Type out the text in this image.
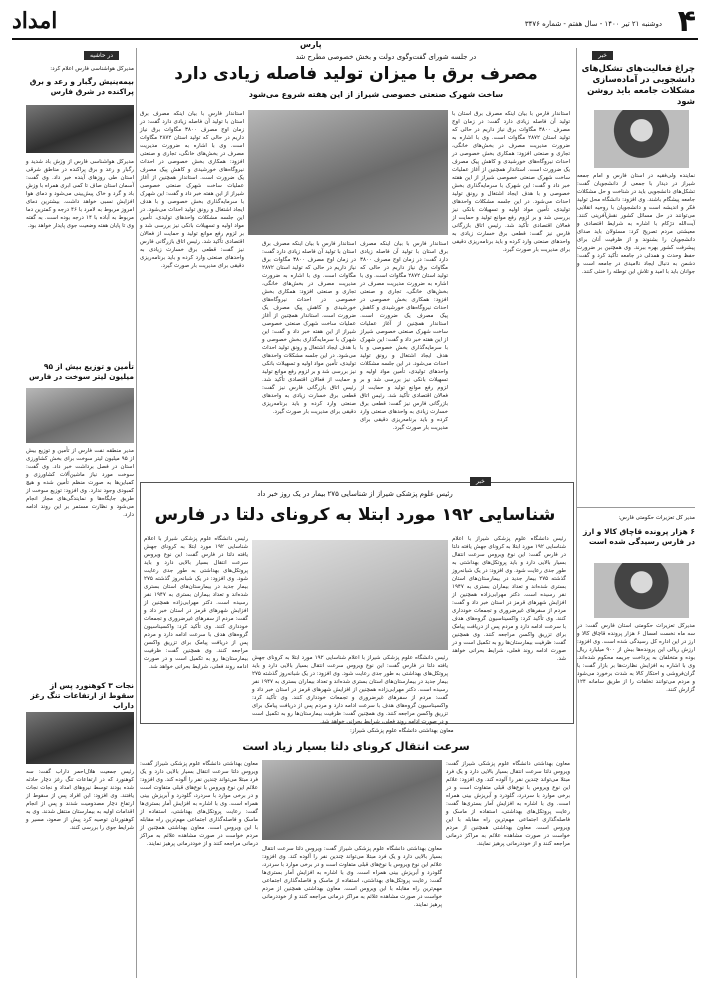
۴
دوشنبه ۲۱ تیر ۱۴۰۰ - سال هفتم - شماره ۳۴۷۶
امداد
پارس
خبر
چراغ فعالیت‌های تشکل‌های دانشجویی در آماده‌سازی مشکلات جامعه باید روشن شود
نماینده ولی‌فقیه در استان فارس و امام جمعه شیراز در دیدار با جمعی از دانشجویان گفت: تشکل‌های دانشجویی باید در شناخت و حل مشکلات جامعه پیشگام باشند. وی افزود: دانشگاه محل تولید فکر و اندیشه است و دانشجویان با روحیه انقلابی می‌توانند در حل مسائل کشور نقش‌آفرینی کنند. آیت‌الله دژکام با اشاره به شرایط اقتصادی و معیشتی مردم تصریح کرد: مسئولان باید صدای دانشجویان را بشنوند و از ظرفیت آنان برای پیشرفت کشور بهره ببرند. وی همچنین بر ضرورت حفظ وحدت و همدلی در جامعه تأکید کرد و گفت: دشمن به دنبال ایجاد ناامیدی در جامعه است و جوانان باید با امید و تلاش این توطئه را خنثی کنند.
مدیر کل تعزیرات حکومتی فارس:
۶ هزار پرونده قاچاق کالا و ارز در فارس رسیدگی شده است
مدیرکل تعزیرات حکومتی استان فارس گفت: در سه ماه نخست امسال ۶ هزار پرونده قاچاق کالا و ارز در این اداره کل رسیدگی شده است. وی افزود: ارزش ریالی این پرونده‌ها بیش از ۹۰۰ میلیارد ریال بوده و متخلفان به پرداخت جریمه محکوم شده‌اند. وی با اشاره به افزایش نظارت‌ها بر بازار گفت: با گران‌فروشی و احتکار کالا به شدت برخورد می‌شود و مردم می‌توانند تخلفات را از طریق سامانه ۱۲۴ گزارش کنند.
در جلسه شورای گفت‌وگوی دولت و بخش خصوصی مطرح شد
مصرف برق با میزان تولید فاصله زیادی دارد
ساخت شهرک صنعتی خصوصی شیراز از این هفته شروع می‌شود
استاندار فارس با بیان اینکه مصرف برق استان با تولید آن فاصله زیادی دارد گفت: در زمان اوج مصرف ۳۸۰۰ مگاوات برق نیاز داریم در حالی که تولید استان ۲۸۷۲ مگاوات است. وی با اشاره به ضرورت مدیریت مصرف در بخش‌های خانگی، تجاری و صنعتی افزود: همکاری بخش خصوصی در احداث نیروگاه‌های خورشیدی و کاهش پیک مصرف یک ضرورت است. استاندار همچنین از آغاز عملیات ساخت شهرک صنعتی خصوصی شیراز از این هفته خبر داد و گفت: این شهرک با سرمایه‌گذاری بخش خصوصی و با هدف ایجاد اشتغال و رونق تولید احداث می‌شود. در این جلسه مشکلات واحدهای تولیدی، تأمین مواد اولیه و تسهیلات بانکی نیز بررسی شد و بر لزوم رفع موانع تولید و حمایت از فعالان اقتصادی تأکید شد. رئیس اتاق بازرگانی فارس نیز گفت: قطعی برق خسارت زیادی به واحدهای صنعتی وارد کرده و باید برنامه‌ریزی دقیقی برای مدیریت بار صورت گیرد.
استاندار فارس با بیان اینکه مصرف برق استان با تولید آن فاصله زیادی دارد گفت: در زمان اوج مصرف ۳۸۰۰ مگاوات برق نیاز داریم در حالی که تولید استان ۲۸۷۲ مگاوات است. وی با اشاره به ضرورت مدیریت مصرف در بخش‌های خانگی، تجاری و صنعتی افزود: همکاری بخش خصوصی در احداث نیروگاه‌های خورشیدی و کاهش پیک مصرف یک ضرورت است. استاندار همچنین از آغاز عملیات ساخت شهرک صنعتی خصوصی شیراز از این هفته خبر داد و گفت: این شهرک با سرمایه‌گذاری بخش خصوصی و با هدف ایجاد اشتغال و رونق تولید احداث می‌شود. در این جلسه مشکلات واحدهای تولیدی، تأمین مواد اولیه و تسهیلات بانکی نیز بررسی شد و بر لزوم رفع موانع تولید و حمایت از فعالان اقتصادی تأکید شد. رئیس اتاق بازرگانی فارس نیز گفت: قطعی برق خسارت زیادی به واحدهای صنعتی وارد کرده و باید برنامه‌ریزی دقیقی برای مدیریت بار صورت گیرد.
استاندار فارس با بیان اینکه مصرف برق استان با تولید آن فاصله زیادی دارد گفت: در زمان اوج مصرف ۳۸۰۰ مگاوات برق نیاز داریم در حالی که تولید استان ۲۸۷۲ مگاوات است. وی با اشاره به ضرورت مدیریت مصرف در بخش‌های خانگی، تجاری و صنعتی افزود: همکاری بخش خصوصی در احداث نیروگاه‌های خورشیدی و کاهش پیک مصرف یک ضرورت است. استاندار همچنین از آغاز عملیات ساخت شهرک صنعتی خصوصی شیراز از این هفته خبر داد و گفت: این شهرک با سرمایه‌گذاری بخش خصوصی و با هدف ایجاد اشتغال و رونق تولید احداث می‌شود. در این جلسه مشکلات واحدهای تولیدی، تأمین مواد اولیه و تسهیلات بانکی نیز بررسی شد و بر لزوم رفع موانع تولید و حمایت از فعالان اقتصادی تأکید شد. رئیس اتاق بازرگانی فارس نیز گفت: قطعی برق خسارت زیادی به واحدهای صنعتی وارد کرده و باید برنامه‌ریزی دقیقی برای مدیریت بار صورت گیرد.
استاندار فارس با بیان اینکه مصرف برق استان با تولید آن فاصله زیادی دارد گفت: در زمان اوج مصرف ۳۸۰۰ مگاوات برق نیاز داریم در حالی که تولید استان ۲۸۷۲ مگاوات است. وی با اشاره به ضرورت مدیریت مصرف در بخش‌های خانگی، تجاری و صنعتی افزود: همکاری بخش خصوصی در احداث نیروگاه‌های خورشیدی و کاهش پیک مصرف یک ضرورت است. استاندار همچنین از آغاز عملیات ساخت شهرک صنعتی خصوصی شیراز از این هفته خبر داد و گفت: این شهرک با سرمایه‌گذاری بخش خصوصی و با هدف ایجاد اشتغال و رونق تولید احداث می‌شود. در این جلسه مشکلات واحدهای تولیدی، تأمین مواد اولیه و تسهیلات بانکی نیز بررسی شد و بر لزوم رفع موانع تولید و حمایت از فعالان اقتصادی تأکید شد. رئیس اتاق بازرگانی فارس نیز گفت: قطعی برق خسارت زیادی به واحدهای صنعتی وارد کرده و باید برنامه‌ریزی دقیقی برای مدیریت بار صورت گیرد.
در حاشیه
مدیرکل هواشناسی فارس اعلام کرد:
بیمه‌ینیش رگبار و رعد و برق پراکنده در شرق فارس
مدیرکل هواشناسی فارس از وزش باد شدید و رگبار و رعد و برق پراکنده در مناطق شرقی استان طی روزهای آینده خبر داد. وی گفت: آسمان استان صاف تا کمی ابری همراه با وزش باد و گرد و خاک پیش‌بینی می‌شود و دمای هوا افزایش نسبی خواهد داشت. بیشترین دمای امروز مربوط به لامرد با ۴۶ درجه و کمترین دما مربوط به آباده با ۱۴ درجه بوده است. به گفته وی تا پایان هفته وضعیت جوی پایدار خواهد بود.
تأمین و توزیع بیش از ۹۵ میلیون لیتر سوخت در فارس
مدیر منطقه نفت فارس از تأمین و توزیع بیش از ۹۵ میلیون لیتر سوخت برای بخش کشاورزی استان در فصل برداشت خبر داد. وی گفت: سوخت مورد نیاز ماشین‌آلات کشاورزی و کمباین‌ها به صورت منظم تأمین شده و هیچ کمبودی وجود ندارد. وی افزود: توزیع سوخت از طریق جایگاه‌ها و نمایندگی‌های مجاز انجام می‌شود و نظارت مستمر بر این روند ادامه دارد.
نجات ۳ کوهنورد پس از سقوط از ارتفاعات تنگ رغز داراب
رئیس جمعیت هلال‌احمر داراب گفت: سه کوهنورد که در ارتفاعات تنگ رغز دچار حادثه شده بودند توسط نیروهای امداد و نجات نجات یافتند. وی افزود: این افراد پس از سقوط از ارتفاع دچار مصدومیت شدند و پس از انجام اقدامات اولیه به بیمارستان منتقل شدند. وی به کوهنوردان توصیه کرد پیش از صعود، مسیر و شرایط جوی را بررسی کنند.
خبر
رئیس علوم پزشکی شیراز از شناسایی ۲۷۵ بیمار در یک روز خبر داد
شناسایی ۱۹۲ مورد ابتلا به کرونای دلتا در فارس
رئیس دانشگاه علوم پزشکی شیراز با اعلام شناسایی ۱۹۲ مورد ابتلا به کرونای جهش یافته دلتا در فارس گفت: این نوع ویروس سرعت انتقال بسیار بالایی دارد و باید پروتکل‌های بهداشتی به طور جدی رعایت شود. وی افزود: در یک شبانه‌روز گذشته ۲۷۵ بیمار جدید در بیمارستان‌های استان بستری شده‌اند و تعداد بیماران بستری به ۱۹۴۷ نفر رسیده است. دکتر مهرابی‌زاده همچنین از افزایش شهرهای قرمز در استان خبر داد و گفت: مردم از سفرهای غیرضروری و تجمعات خودداری کنند. وی تأکید کرد: واکسیناسیون گروه‌های هدف با سرعت ادامه دارد و مردم پس از دریافت پیامک برای تزریق واکسن مراجعه کنند. وی همچنین گفت: ظرفیت بیمارستان‌ها رو به تکمیل است و در صورت ادامه روند فعلی، شرایط بحرانی خواهد شد.
رئیس دانشگاه علوم پزشکی شیراز با اعلام شناسایی ۱۹۲ مورد ابتلا به کرونای جهش یافته دلتا در فارس گفت: این نوع ویروس سرعت انتقال بسیار بالایی دارد و باید پروتکل‌های بهداشتی به طور جدی رعایت شود. وی افزود: در یک شبانه‌روز گذشته ۲۷۵ بیمار جدید در بیمارستان‌های استان بستری شده‌اند و تعداد بیماران بستری به ۱۹۴۷ نفر رسیده است. دکتر مهرابی‌زاده همچنین از افزایش شهرهای قرمز در استان خبر داد و گفت: مردم از سفرهای غیرضروری و تجمعات خودداری کنند. وی تأکید کرد: واکسیناسیون گروه‌های هدف با سرعت ادامه دارد و مردم پس از دریافت پیامک برای تزریق واکسن مراجعه کنند. وی همچنین گفت: ظرفیت بیمارستان‌ها رو به تکمیل است و در صورت ادامه روند فعلی، شرایط بحرانی خواهد شد.
رئیس دانشگاه علوم پزشکی شیراز با اعلام شناسایی ۱۹۲ مورد ابتلا به کرونای جهش یافته دلتا در فارس گفت: این نوع ویروس سرعت انتقال بسیار بالایی دارد و باید پروتکل‌های بهداشتی به طور جدی رعایت شود. وی افزود: در یک شبانه‌روز گذشته ۲۷۵ بیمار جدید در بیمارستان‌های استان بستری شده‌اند و تعداد بیماران بستری به ۱۹۴۷ نفر رسیده است. دکتر مهرابی‌زاده همچنین از افزایش شهرهای قرمز در استان خبر داد و گفت: مردم از سفرهای غیرضروری و تجمعات خودداری کنند. وی تأکید کرد: واکسیناسیون گروه‌های هدف با سرعت ادامه دارد و مردم پس از دریافت پیامک برای تزریق واکسن مراجعه کنند. وی همچنین گفت: ظرفیت بیمارستان‌ها رو به تکمیل است و در صورت ادامه روند فعلی، شرایط بحرانی خواهد شد.
معاون بهداشتی دانشگاه علوم پزشکی شیراز:
سرعت انتقال کرونای دلتا بسیار زیاد است
معاون بهداشتی دانشگاه علوم پزشکی شیراز گفت: ویروس دلتا سرعت انتقال بسیار بالایی دارد و یک فرد مبتلا می‌تواند چندین نفر را آلوده کند. وی افزود: علائم این نوع ویروس با نوع‌های قبلی متفاوت است و در برخی موارد با سردرد، گلودرد و آبریزش بینی همراه است. وی با اشاره به افزایش آمار بستری‌ها گفت: رعایت پروتکل‌های بهداشتی، استفاده از ماسک و فاصله‌گذاری اجتماعی مهم‌ترین راه مقابله با این ویروس است. معاون بهداشتی همچنین از مردم خواست در صورت مشاهده علائم به مراکز درمانی مراجعه کنند و از خوددرمانی پرهیز نمایند.
معاون بهداشتی دانشگاه علوم پزشکی شیراز گفت: ویروس دلتا سرعت انتقال بسیار بالایی دارد و یک فرد مبتلا می‌تواند چندین نفر را آلوده کند. وی افزود: علائم این نوع ویروس با نوع‌های قبلی متفاوت است و در برخی موارد با سردرد، گلودرد و آبریزش بینی همراه است. وی با اشاره به افزایش آمار بستری‌ها گفت: رعایت پروتکل‌های بهداشتی، استفاده از ماسک و فاصله‌گذاری اجتماعی مهم‌ترین راه مقابله با این ویروس است. معاون بهداشتی همچنین از مردم خواست در صورت مشاهده علائم به مراکز درمانی مراجعه کنند و از خوددرمانی پرهیز نمایند.
معاون بهداشتی دانشگاه علوم پزشکی شیراز گفت: ویروس دلتا سرعت انتقال بسیار بالایی دارد و یک فرد مبتلا می‌تواند چندین نفر را آلوده کند. وی افزود: علائم این نوع ویروس با نوع‌های قبلی متفاوت است و در برخی موارد با سردرد، گلودرد و آبریزش بینی همراه است. وی با اشاره به افزایش آمار بستری‌ها گفت: رعایت پروتکل‌های بهداشتی، استفاده از ماسک و فاصله‌گذاری اجتماعی مهم‌ترین راه مقابله با این ویروس است. معاون بهداشتی همچنین از مردم خواست در صورت مشاهده علائم به مراکز درمانی مراجعه کنند و از خوددرمانی پرهیز نمایند.
